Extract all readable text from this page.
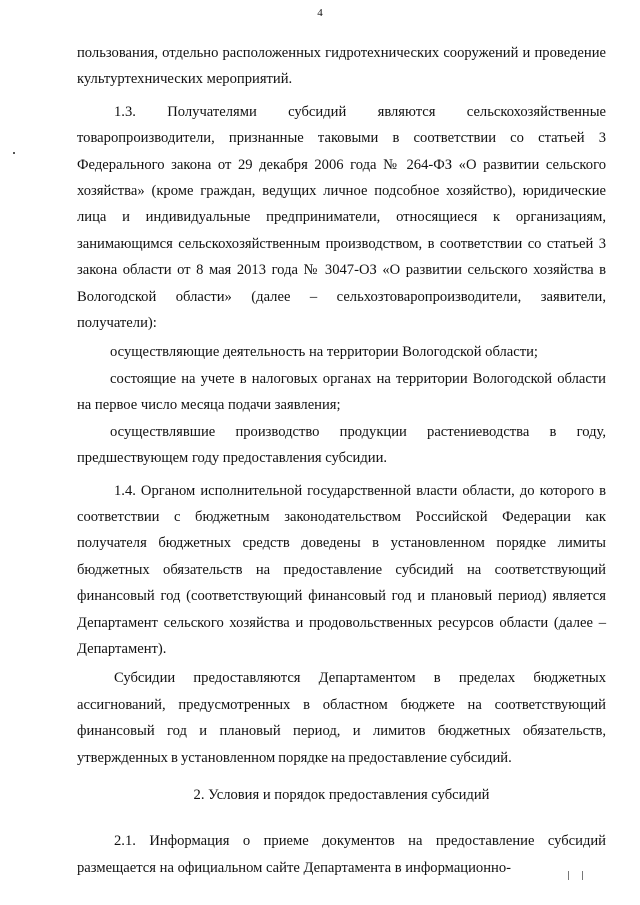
4

пользования, отдельно расположенных гидротехнических сооружений и проведение культуртехнических мероприятий.

1.3. Получателями субсидий являются сельскохозяйственные товаропроизводители, признанные таковыми в соответствии со статьей 3 Федерального закона от 29 декабря 2006 года № 264-ФЗ «О развитии сельского хозяйства» (кроме граждан, ведущих личное подсобное хозяйство), юридические лица и индивидуальные предприниматели, относящиеся к организациям, занимающимся сельскохозяйственным производством, в соответствии со статьей 3 закона области от 8 мая 2013 года № 3047-ОЗ «О развитии сельского хозяйства в Вологодской области» (далее – сельхозтоваропроизводители, заявители, получатели):

осуществляющие деятельность на территории Вологодской области;

состоящие на учете в налоговых органах на территории Вологодской области на первое число месяца подачи заявления;

осуществлявшие производство продукции растениеводства в году, предшествующем году предоставления субсидии.

1.4. Органом исполнительной государственной власти области, до которого в соответствии с бюджетным законодательством Российской Федерации как получателя бюджетных средств доведены в установленном порядке лимиты бюджетных обязательств на предоставление субсидий на соответствующий финансовый год (соответствующий финансовый год и плановый период) является Департамент сельского хозяйства и продовольственных ресурсов области (далее – Департамент).

Субсидии предоставляются Департаментом в пределах бюджетных ассигнований, предусмотренных в областном бюджете на соответствующий финансовый год и плановый период, и лимитов бюджетных обязательств, утвержденных в установленном порядке на предоставление субсидий.

2. Условия и порядок предоставления субсидий

2.1. Информация о приеме документов на предоставление субсидий размещается на официальном сайте Департамента в информационно-
